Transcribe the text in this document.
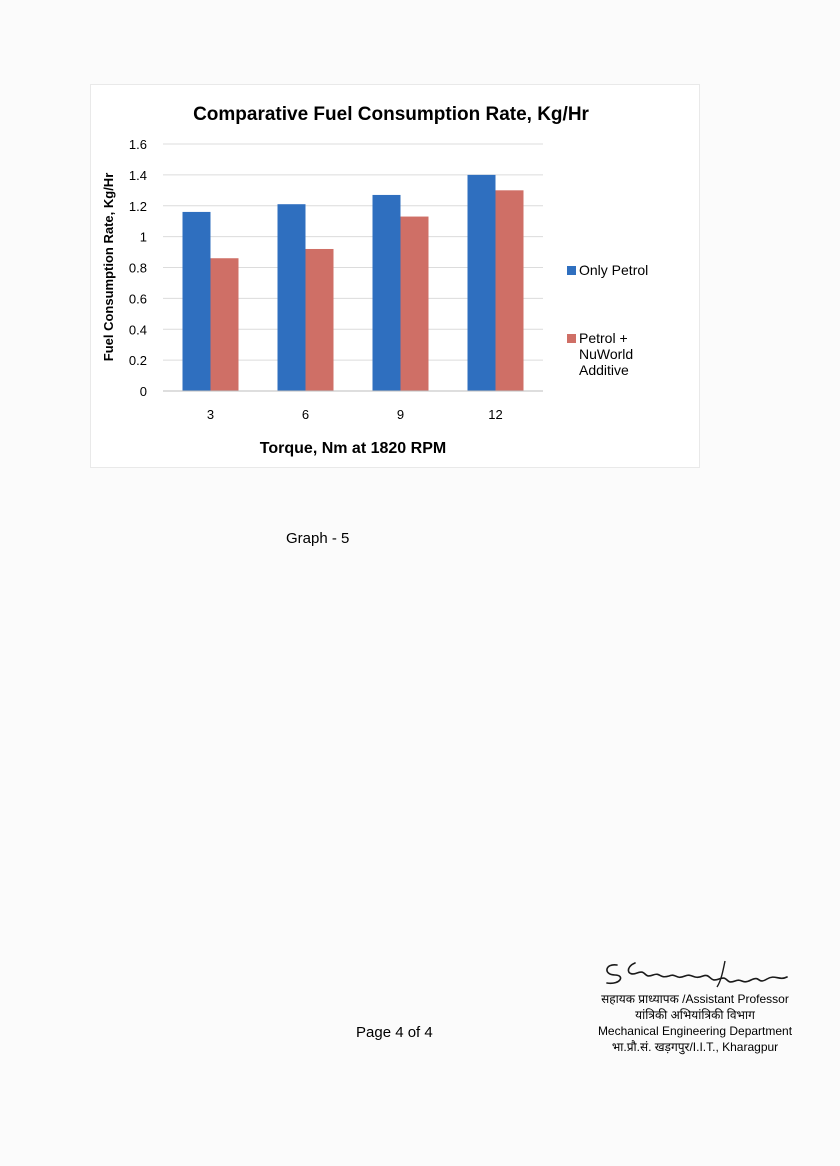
Comparative Fuel Consumption Rate, Kg/Hr
0
0.2
0.4
0.6
0.8
1
1.2
1.4
1.6
3	6	9	12
Fuel Consumption Rate, Kg/Hr
Torque, Nm at 1820 RPM
Only Petrol
Petrol + NuWorld Additive
Graph - 5
Page 4 of 4
सहायक प्राध्यापक /Assistant Professor
यांत्रिकी अभियांत्रिकी विभाग
Mechanical Engineering Department
भा.प्रौ.सं. खड़गपुर/I.I.T., Kharagpur
